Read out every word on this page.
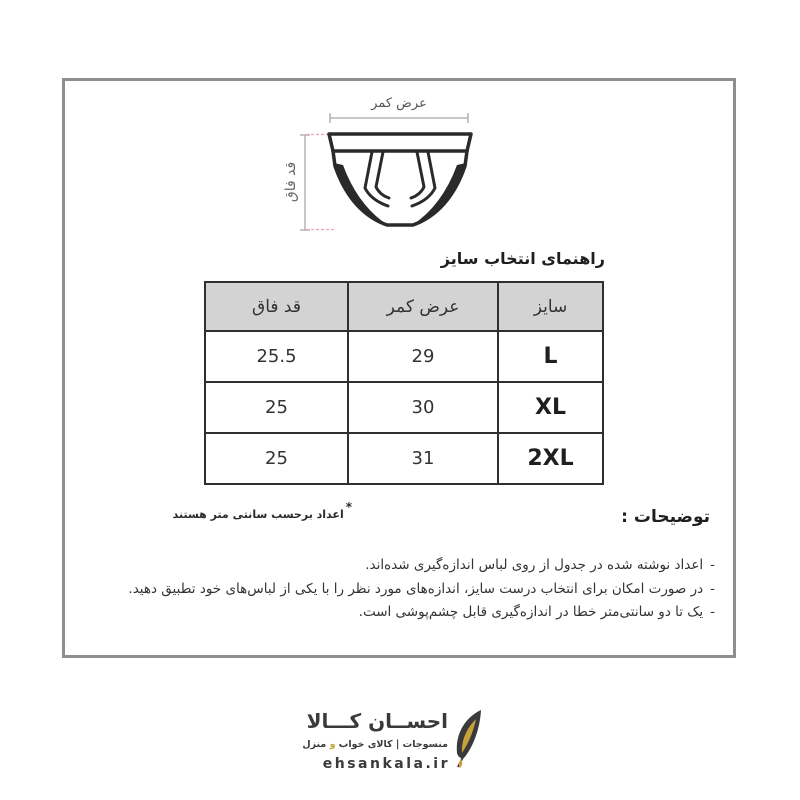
عرض کمر
قد فاق
راهنمای انتخاب سایز
سایز	عرض کمر	قد فاق
L	29	25.5
XL	30	25
2XL	31	25
*اعداد برحسب سانتی متر هستند	توضیحات :
-اعداد نوشته شده در جدول از روی لباس اندازه‌گیری شده‌اند.
-در صورت امکان برای انتخاب درست سایز، اندازه‌های مورد نظر را با یکی از لباس‌های خود تطبیق دهید.
-یک تا دو سانتی‌متر خطا در اندازه‌گیری قابل چشم‌پوشی است.
احســان کـــالا
منسوجات | کالای خواب و منزل
ehsankala.ir
